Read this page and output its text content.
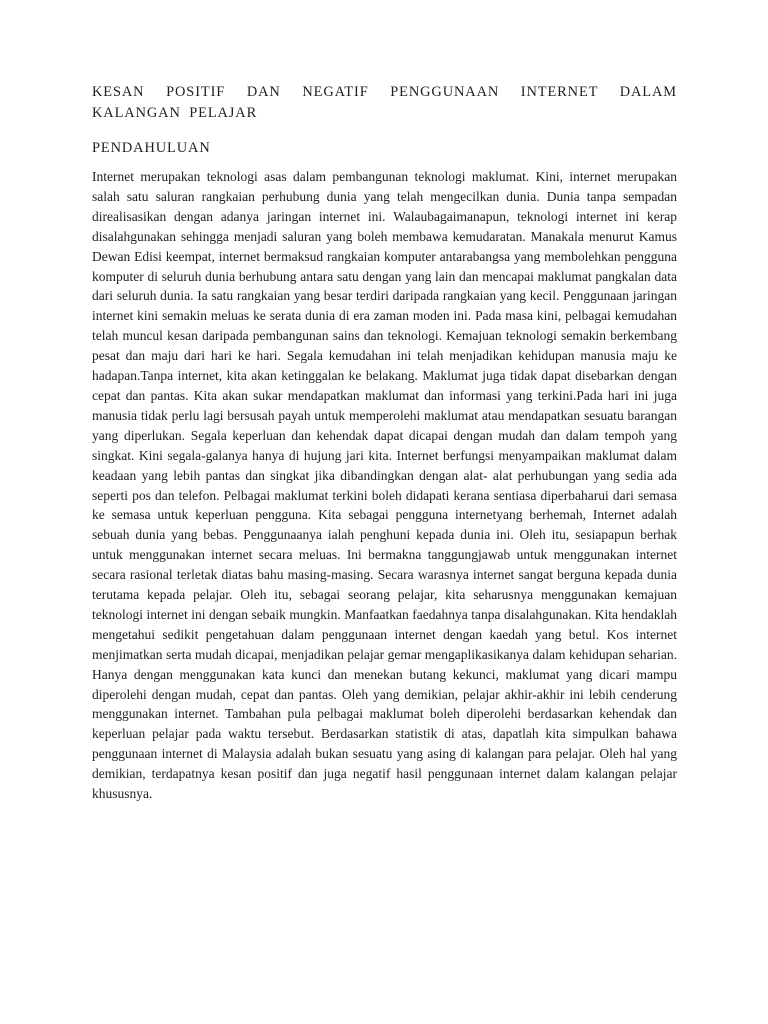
KESAN POSITIF DAN NEGATIF PENGGUNAAN INTERNET DALAM KALANGAN PELAJAR
PENDAHULUAN

Internet merupakan teknologi asas dalam pembangunan teknologi maklumat. Kini, internet merupakan salah satu saluran rangkaian perhubung dunia yang telah mengecilkan dunia. Dunia tanpa sempadan direalisasikan dengan adanya jaringan internet ini. Walaubagaimanapun, teknologi internet ini kerap disalahgunakan sehingga menjadi saluran yang boleh membawa kemudaratan. Manakala menurut Kamus Dewan Edisi keempat, internet bermaksud rangkaian komputer antarabangsa yang membolehkan pengguna komputer di seluruh dunia berhubung antara satu dengan yang lain dan mencapai maklumat pangkalan data dari seluruh dunia. Ia satu rangkaian yang besar terdiri daripada rangkaian yang kecil. Penggunaan jaringan internet kini semakin meluas ke serata dunia di era zaman moden ini. Pada masa kini, pelbagai kemudahan telah muncul kesan daripada pembangunan sains dan teknologi. Kemajuan teknologi semakin berkembang pesat dan maju dari hari ke hari. Segala kemudahan ini telah menjadikan kehidupan manusia maju ke hadapan.Tanpa internet, kita akan ketinggalan ke belakang. Maklumat juga tidak dapat disebarkan dengan cepat dan pantas. Kita akan sukar mendapatkan maklumat dan informasi yang terkini.Pada hari ini juga manusia tidak perlu lagi bersusah payah untuk memperolehi maklumat atau mendapatkan sesuatu barangan yang diperlukan. Segala keperluan dan kehendak dapat dicapai dengan mudah dan dalam tempoh yang singkat. Kini segala-galanya hanya di hujung jari kita. Internet berfungsi menyampaikan maklumat dalam keadaan yang lebih pantas dan singkat jika dibandingkan dengan alat- alat perhubungan yang sedia ada seperti pos dan telefon. Pelbagai maklumat terkini boleh didapati kerana sentiasa diperbaharui dari semasa ke semasa untuk keperluan pengguna. Kita sebagai pengguna internetyang berhemah, Internet adalah sebuah dunia yang bebas. Penggunaanya ialah penghuni kepada dunia ini. Oleh itu, sesiapapun berhak untuk menggunakan internet secara meluas. Ini bermakna tanggungjawab untuk menggunakan internet secara rasional terletak diatas bahu masing-masing. Secara warasnya internet sangat berguna kepada dunia terutama kepada pelajar. Oleh itu, sebagai seorang pelajar, kita seharusnya menggunakan kemajuan teknologi internet ini dengan sebaik mungkin. Manfaatkan faedahnya tanpa disalahgunakan. Kita hendaklah mengetahui sedikit pengetahuan dalam penggunaan internet dengan kaedah yang betul. Kos internet menjimatkan serta mudah dicapai, menjadikan pelajar gemar mengaplikasikanya dalam kehidupan seharian. Hanya dengan menggunakan kata kunci dan menekan butang kekunci, maklumat yang dicari mampu diperolehi dengan mudah, cepat dan pantas. Oleh yang demikian, pelajar akhir-akhir ini lebih cenderung menggunakan internet. Tambahan pula pelbagai maklumat boleh diperolehi berdasarkan kehendak dan keperluan pelajar pada waktu tersebut. Berdasarkan statistik di atas, dapatlah kita simpulkan bahawa penggunaan internet di Malaysia adalah bukan sesuatu yang asing di kalangan para pelajar. Oleh hal yang demikian, terdapatnya kesan positif dan juga negatif hasil penggunaan internet dalam kalangan pelajar khususnya.
